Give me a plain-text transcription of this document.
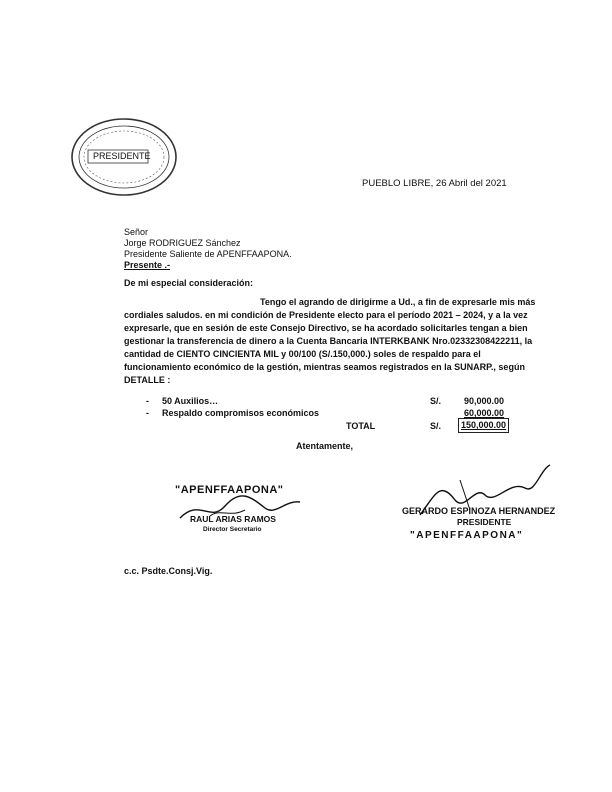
PRESIDENTE
PUEBLO LIBRE, 26 Abril del 2021
Señor
Jorge RODRIGUEZ Sánchez
Presidente Saliente de APENFFAAPONA.
Presente .-
De mi especial consideración:
Tengo el agrando de dirigirme a Ud., a fin de expresarle mis más
cordiales saludos. en mi condición de Presidente electo para el período 2021 – 2024, y a la vez
expresarle, que en sesión de este Consejo Directivo, se ha acordado solicitarles tengan a bien
gestionar la transferencia de dinero a la Cuenta Bancaria INTERKBANK Nro.02332308422211, la
cantidad de CIENTO CINCIENTA MIL y 00/100 (S/.150,000.) soles de respaldo para el
funcionamiento económico de la gestión, mientras seamos registrados en la SUNARP., según
DETALLE :
- 50 Auxilios…	S/.	90,000.00
- Respaldo compromisos económicos	60,000.00
TOTAL	S/.	150,000.00
Atentamente,
"APENFFAAPONA"
RAUL ARIAS RAMOS
Director Secretario
GERARDO ESPINOZA HERNANDEZ
PRESIDENTE
"APENFFAAPONA"
c.c. Psdte.Consj.Vig.
